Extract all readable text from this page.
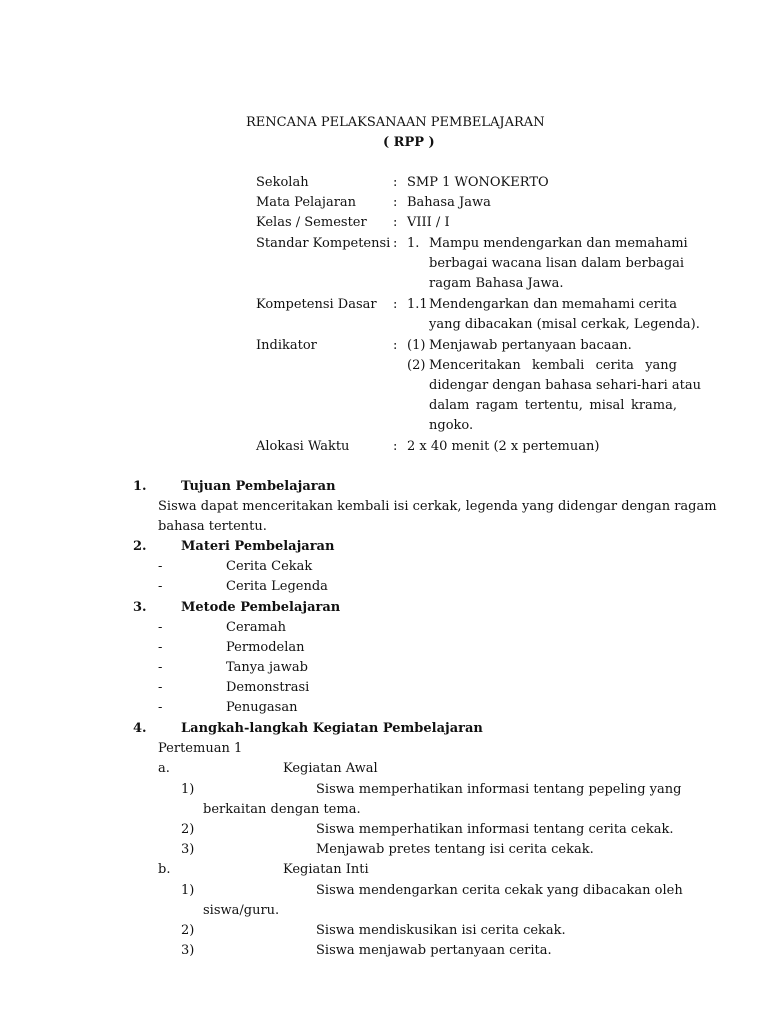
RENCANA PELAKSANAAN PEMBELAJARAN
( RPP )
Sekolah	: SMP 1 WONOKERTO
Mata Pelajaran	: Bahasa Jawa
Kelas / Semester : VIII / I
Standar Kompetensi : 1. Mampu mendengarkan dan memahami
berbagai wacana lisan dalam berbagai
ragam Bahasa Jawa.
Kompetensi Dasar : 1.1 Mendengarkan dan memahami cerita
yang dibacakan (misal cerkak, Legenda).
Indikator	: (1) Menjawab pertanyaan bacaan.
(2) Menceritakan kembali cerita yang
didengar dengan bahasa sehari-hari atau
dalam ragam tertentu, misal krama,
ngoko.
Alokasi Waktu	: 2 x 40 menit (2 x pertemuan)
1.	Tujuan Pembelajaran
Siswa dapat menceritakan kembali isi cerkak, legenda yang didengar dengan ragam
bahasa tertentu.
2.	Materi Pembelajaran
-	Cerita Cekak
-	Cerita Legenda
3.	Metode Pembelajaran
-	Ceramah
-	Permodelan
-	Tanya jawab
-	Demonstrasi
-	Penugasan
4.	Langkah-langkah Kegiatan Pembelajaran
Pertemuan 1
a.	Kegiatan Awal
1)	Siswa memperhatikan informasi tentang pepeling yang
berkaitan dengan tema.
2)	Siswa memperhatikan informasi tentang cerita cekak.
3)	Menjawab pretes tentang isi cerita cekak.
b.	Kegiatan Inti
1)	Siswa mendengarkan cerita cekak yang dibacakan oleh
siswa/guru.
2)	Siswa mendiskusikan isi cerita cekak.
3)	Siswa menjawab pertanyaan cerita.
